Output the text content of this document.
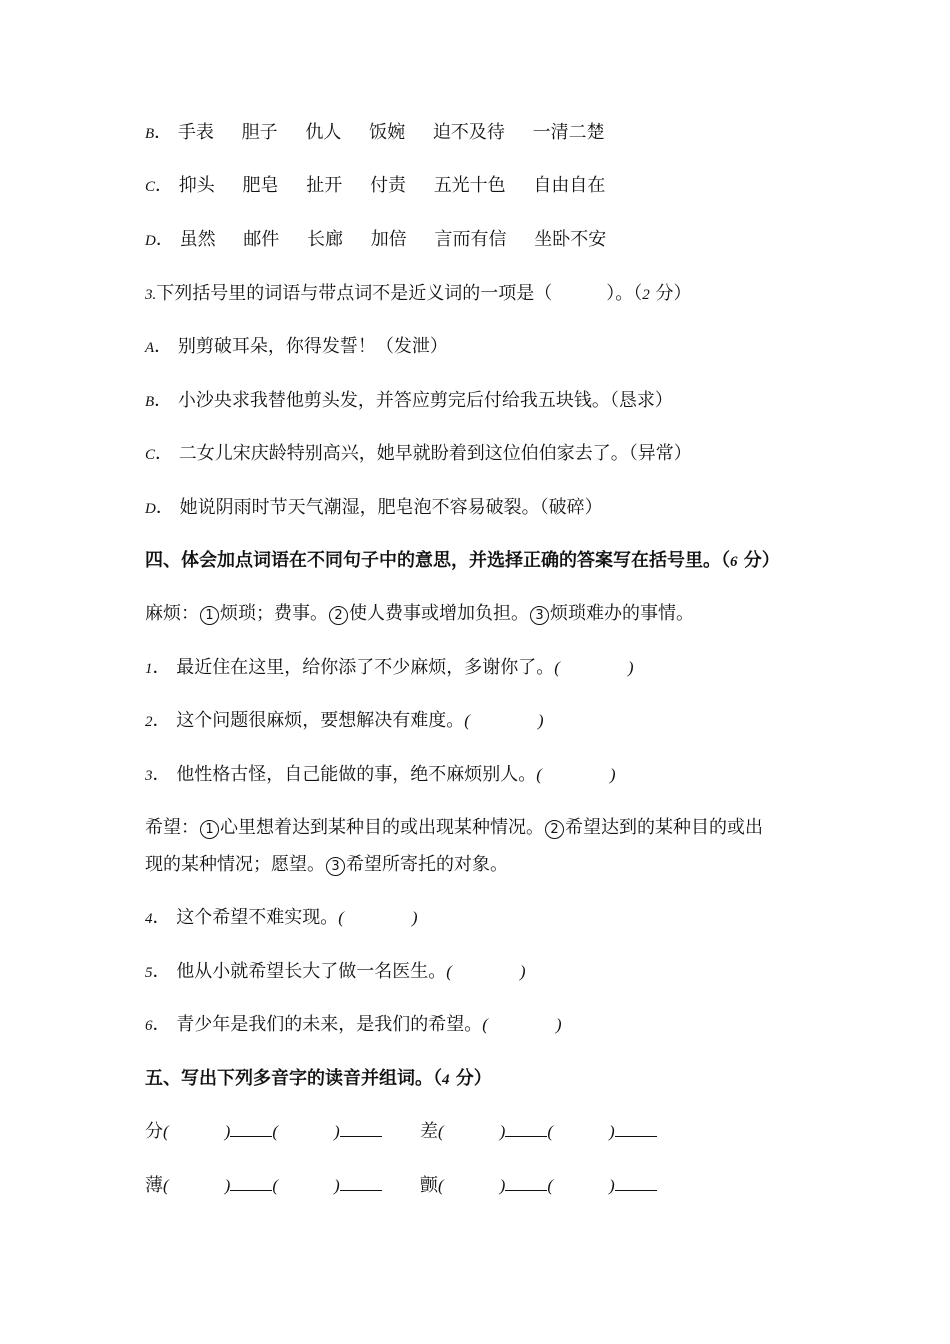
B． 手表 胆子 仇人 饭婉 迫不及待 一清二楚
C． 抑头 肥皂 扯开 付责 五光十色 自由自在
D． 虽然 邮件 长廊 加倍 言而有信 坐卧不安
3.下列括号里的词语与带点词不是近义词的一项是（　　　）。（2 分）
A． 别剪破耳朵，你得发誓！（发泄）
B． 小沙央求我替他剪头发，并答应剪完后付给我五块钱。（恳求）
C． 二女儿宋庆龄特别高兴，她早就盼着到这位伯伯家去了。（异常）
D． 她说阴雨时节天气潮湿，肥皂泡不容易破裂。（破碎）
四、体会加点词语在不同句子中的意思，并选择正确的答案写在括号里。（6 分）
麻烦： 1 烦琐；费事。 2 使人费事或增加负担。 3 烦琐难办的事情。
1． 最近住在这里，给你添了不少麻烦，多谢你了。(　　　　)
2． 这个问题很麻烦，要想解决有难度。(　　　　)
3． 他性格古怪，自己能做的事，绝不麻烦别人。(　　　　)
希望： 1 心里想着达到某种目的或出现某种情况。 2 希望达到的某种目的或出
现的某种情况；愿望。 3 希望所寄托的对象。
4． 这个希望不难实现。(　　　　)
5． 他从小就希望长大了做一名医生。(　　　　)
6． 青少年是我们的未来，是我们的希望。(　　　　)
五、写出下列多音字的读音并组词。（4 分）
分(	) (	)	差(	) (	)
薄(	) (	)	颤(	) (	)
